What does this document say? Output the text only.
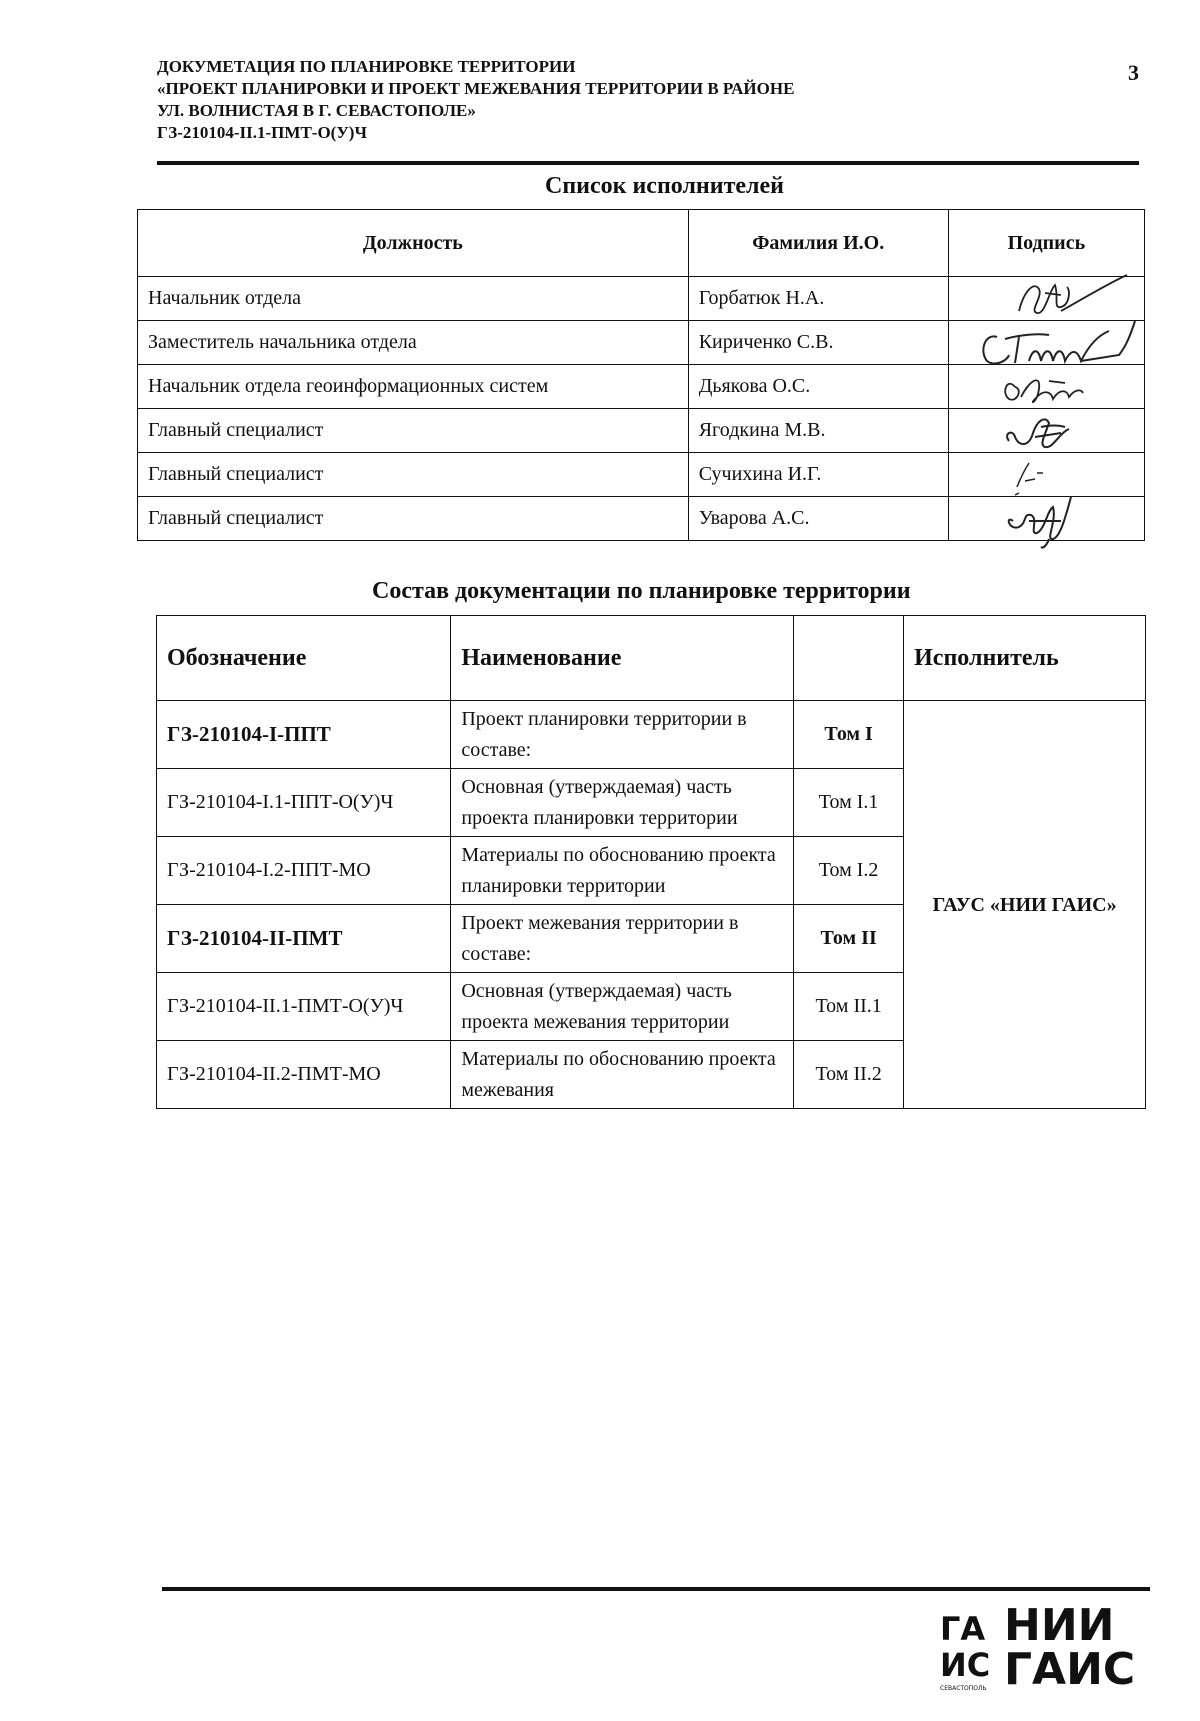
ДОКУМЕТАЦИЯ ПО ПЛАНИРОВКЕ ТЕРРИТОРИИ
«ПРОЕКТ ПЛАНИРОВКИ И ПРОЕКТ МЕЖЕВАНИЯ ТЕРРИТОРИИ В РАЙОНЕ
УЛ. ВОЛНИСТАЯ В Г. СЕВАСТОПОЛЕ»
ГЗ-210104-II.1-ПМТ-О(У)Ч
3
Список исполнителей
Должность	Фамилия И.О.	Подпись
Начальник отдела	Горбатюк Н.А.	

Заместитель начальника отдела	Кириченко С.В.	

Начальник отдела геоинформационных систем	Дьякова О.С.	

Главный специалист	Ягодкина М.В.	

Главный специалист	Сучихина И.Г.	

Главный специалист	Уварова А.С.	
Состав документации по планировке территории
Обозначение	Наименование		Исполнитель
ГЗ-210104-I-ППТ	Проект планировки территории в составе:	Том I	ГАУС «НИИ ГАИС»
ГЗ-210104-I.1-ППТ-О(У)Ч	Основная (утверждаемая) часть проекта планировки территории	Том I.1	
ГЗ-210104-I.2-ППТ-МО	Материалы по обоснованию проекта планировки территории	Том I.2	
ГЗ-210104-II-ПМТ	Проект межевания территории в составе:	Том II	
ГЗ-210104-II.1-ПМТ-О(У)Ч	Основная (утверждаемая) часть проекта межевания территории	Том II.1	
ГЗ-210104-II.2-ПМТ-МО	Материалы по обоснованию проекта межевания	Том II.2	
ГА
ИС
СЕВАСТОПОЛЬ
НИИ
ГАИС
